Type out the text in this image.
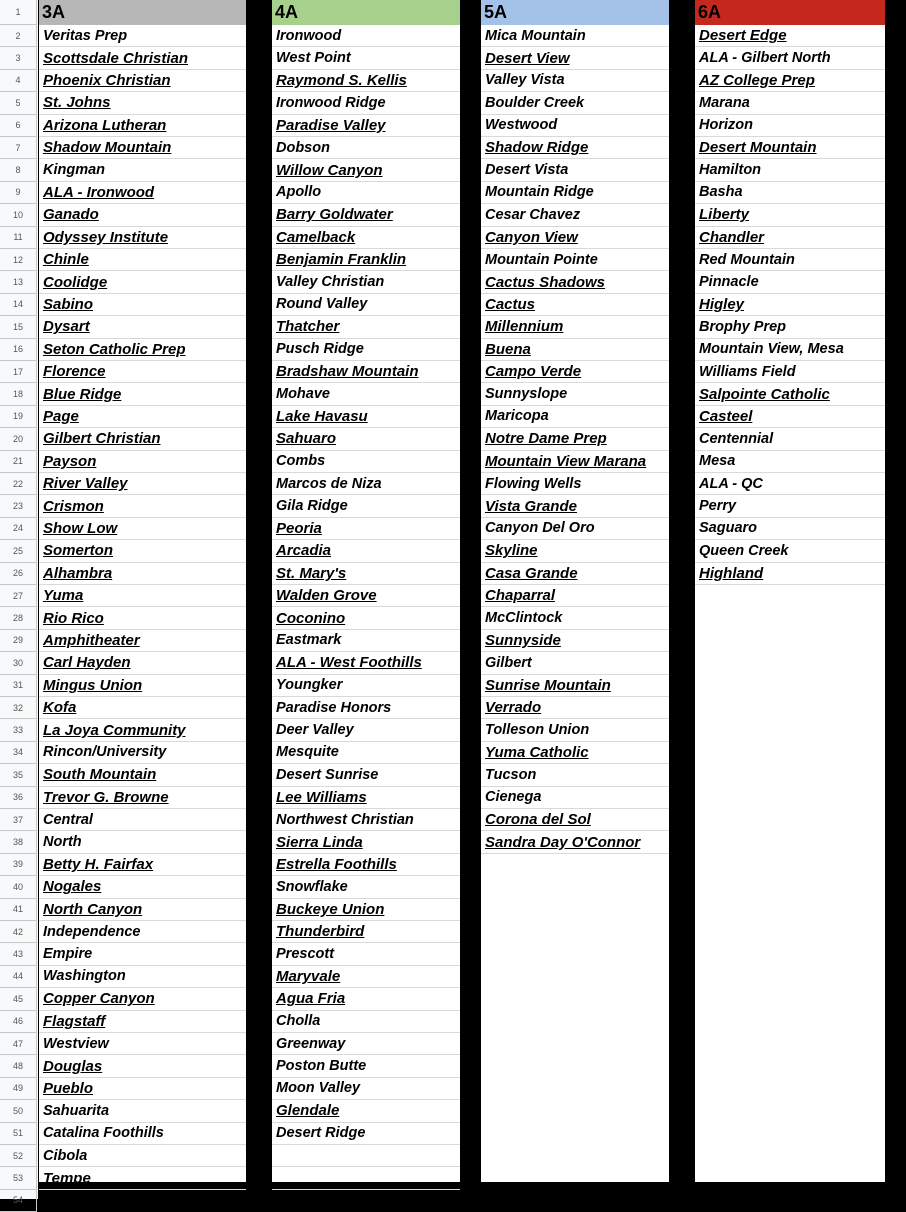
1
2
3
4
5
6
7
8
9
10
11
12
13
14
15
16
17
18
19
20
21
22
23
24
25
26
27
28
29
30
31
32
33
34
35
36
37
38
39
40
41
42
43
44
45
46
47
48
49
50
51
52
53
54
3A
Veritas Prep
Scottsdale Christian
Phoenix Christian
St. Johns
Arizona Lutheran
Shadow Mountain
Kingman
ALA - Ironwood
Ganado
Odyssey Institute
Chinle
Coolidge
Sabino
Dysart
Seton Catholic Prep
Florence
Blue Ridge
Page
Gilbert Christian
Payson
River Valley
Crismon
Show Low
Somerton
Alhambra
Yuma
Rio Rico
Amphitheater
Carl Hayden
Mingus Union
Kofa
La Joya Community
Rincon/University
South Mountain
Trevor G. Browne
Central
North
Betty H. Fairfax
Nogales
North Canyon
Independence
Empire
Washington
Copper Canyon
Flagstaff
Westview
Douglas
Pueblo
Sahuarita
Catalina Foothills
Cibola
Tempe
4A
Ironwood
West Point
Raymond S. Kellis
Ironwood Ridge
Paradise Valley
Dobson
Willow Canyon
Apollo
Barry Goldwater
Camelback
Benjamin Franklin
Valley Christian
Round Valley
Thatcher
Pusch Ridge
Bradshaw Mountain
Mohave
Lake Havasu
Sahuaro
Combs
Marcos de Niza
Gila Ridge
Peoria
Arcadia
St. Mary's
Walden Grove
Coconino
Eastmark
ALA - West Foothills
Youngker
Paradise Honors
Deer Valley
Mesquite
Desert Sunrise
Lee Williams
Northwest Christian
Sierra Linda
Estrella Foothills
Snowflake
Buckeye Union
Thunderbird
Prescott
Maryvale
Agua Fria
Cholla
Greenway
Poston Butte
Moon Valley
Glendale
Desert Ridge
5A
Mica Mountain
Desert View
Valley Vista
Boulder Creek
Westwood
Shadow Ridge
Desert Vista
Mountain Ridge
Cesar Chavez
Canyon View
Mountain Pointe
Cactus Shadows
Cactus
Millennium
Buena
Campo Verde
Sunnyslope
Maricopa
Notre Dame Prep
Mountain View Marana
Flowing Wells
Vista Grande
Canyon Del Oro
Skyline
Casa Grande
Chaparral
McClintock
Sunnyside
Gilbert
Sunrise Mountain
Verrado
Tolleson Union
Yuma Catholic
Tucson
Cienega
Corona del Sol
Sandra Day O'Connor
6A
Desert Edge
ALA - Gilbert North
AZ College Prep
Marana
Horizon
Desert Mountain
Hamilton
Basha
Liberty
Chandler
Red Mountain
Pinnacle
Higley
Brophy Prep
Mountain View, Mesa
Williams Field
Salpointe Catholic
Casteel
Centennial
Mesa
ALA - QC
Perry
Saguaro
Queen Creek
Highland
